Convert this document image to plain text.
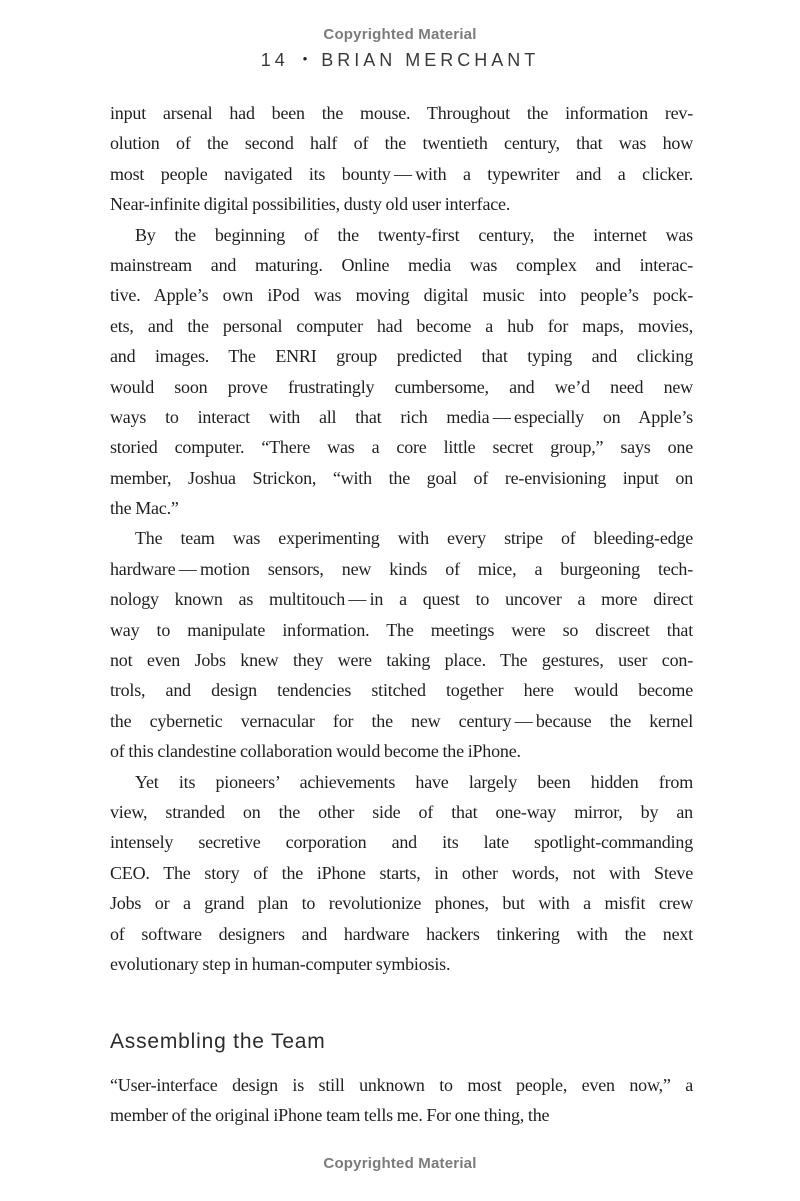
Copyrighted Material
14 • BRIAN MERCHANT
input arsenal had been the mouse. Throughout the information rev-
olution of the second half of the twentieth century, that was how
most people navigated its bounty — with a typewriter and a clicker.
Near-infinite digital possibilities, dusty old user interface.
By the beginning of the twenty-first century, the internet was
mainstream and maturing. Online media was complex and interac-
tive. Apple’s own iPod was moving digital music into people’s pock-
ets, and the personal computer had become a hub for maps, movies,
and images. The ENRI group predicted that typing and clicking
would soon prove frustratingly cumbersome, and we’d need new
ways to interact with all that rich media — especially on Apple’s
storied computer. “There was a core little secret group,” says one
member, Joshua Strickon, “with the goal of re-envisioning input on
the Mac.”
The team was experimenting with every stripe of bleeding-edge
hardware — motion sensors, new kinds of mice, a burgeoning tech-
nology known as multitouch — in a quest to uncover a more direct
way to manipulate information. The meetings were so discreet that
not even Jobs knew they were taking place. The gestures, user con-
trols, and design tendencies stitched together here would become
the cybernetic vernacular for the new century — because the kernel
of this clandestine collaboration would become the iPhone.
Yet its pioneers’ achievements have largely been hidden from
view, stranded on the other side of that one-way mirror, by an
intensely secretive corporation and its late spotlight-commanding
CEO. The story of the iPhone starts, in other words, not with Steve
Jobs or a grand plan to revolutionize phones, but with a misfit crew
of software designers and hardware hackers tinkering with the next
evolutionary step in human-computer symbiosis.
Assembling the Team
“User-interface design is still unknown to most people, even now,” a
member of the original iPhone team tells me. For one thing, the
Copyrighted Material
